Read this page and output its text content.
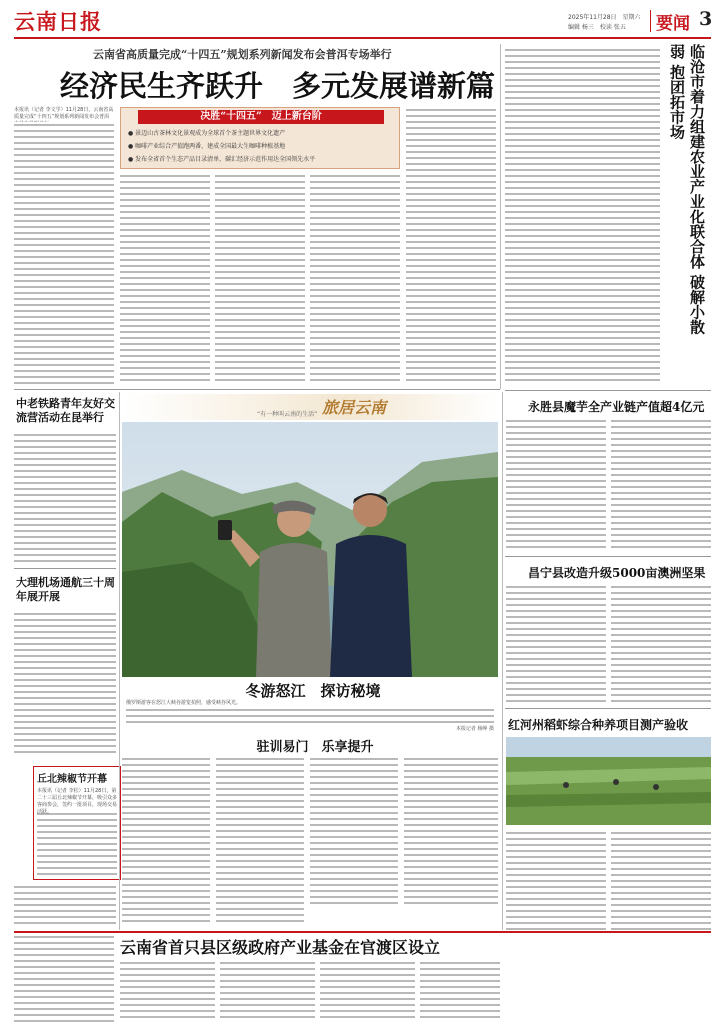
云南日报	2025年11月28日　星期六
编辑 杨三　校读 张五 要闻 3
云南省高质量完成“十四五”规划系列新闻发布会普洱专场举行
经济民生齐跃升　多元发展谱新篇
决胜“十四五”　迈上新台阶
● 景迈山古茶林文化景观成为全球首个茶主题世界文化遗产
● 咖啡产业综合产值跑两番，建成全国最大生咖啡种植基地
● 发布全省首个生态产品目录清单，碳汇经济示范作用达全国领先水平
本报讯（记者 李文学）11月28日，云南省高质量完成“十四五”规划系列新闻发布会普洱	临沧市着力组建农业产业化联合体 破解小散弱 抱团拓市场
中老铁路青年友好交流营活动在昆举行
大理机场通航三十周年展开展
丘北辣椒节开幕
本报讯（记者 李松）11月28日，第二十三届丘北辣椒节开幕，吸引众多客商参会，签约一批项目，现场交易活跃。
“有一种叫云南的生活” 旅居云南
冬游怒江　探访秘境
俄罗斯游客在怒江大峡谷游览拍照，感受峡谷风光。
本报记者 杨峥 摄
驻训易门　乐享提升
永胜县魔芋全产业链产值超4亿元
昌宁县改造升级5000亩澳洲坚果
红河州稻虾综合种养项目测产验收
云南省首只县区级政府产业基金在官渡区设立
